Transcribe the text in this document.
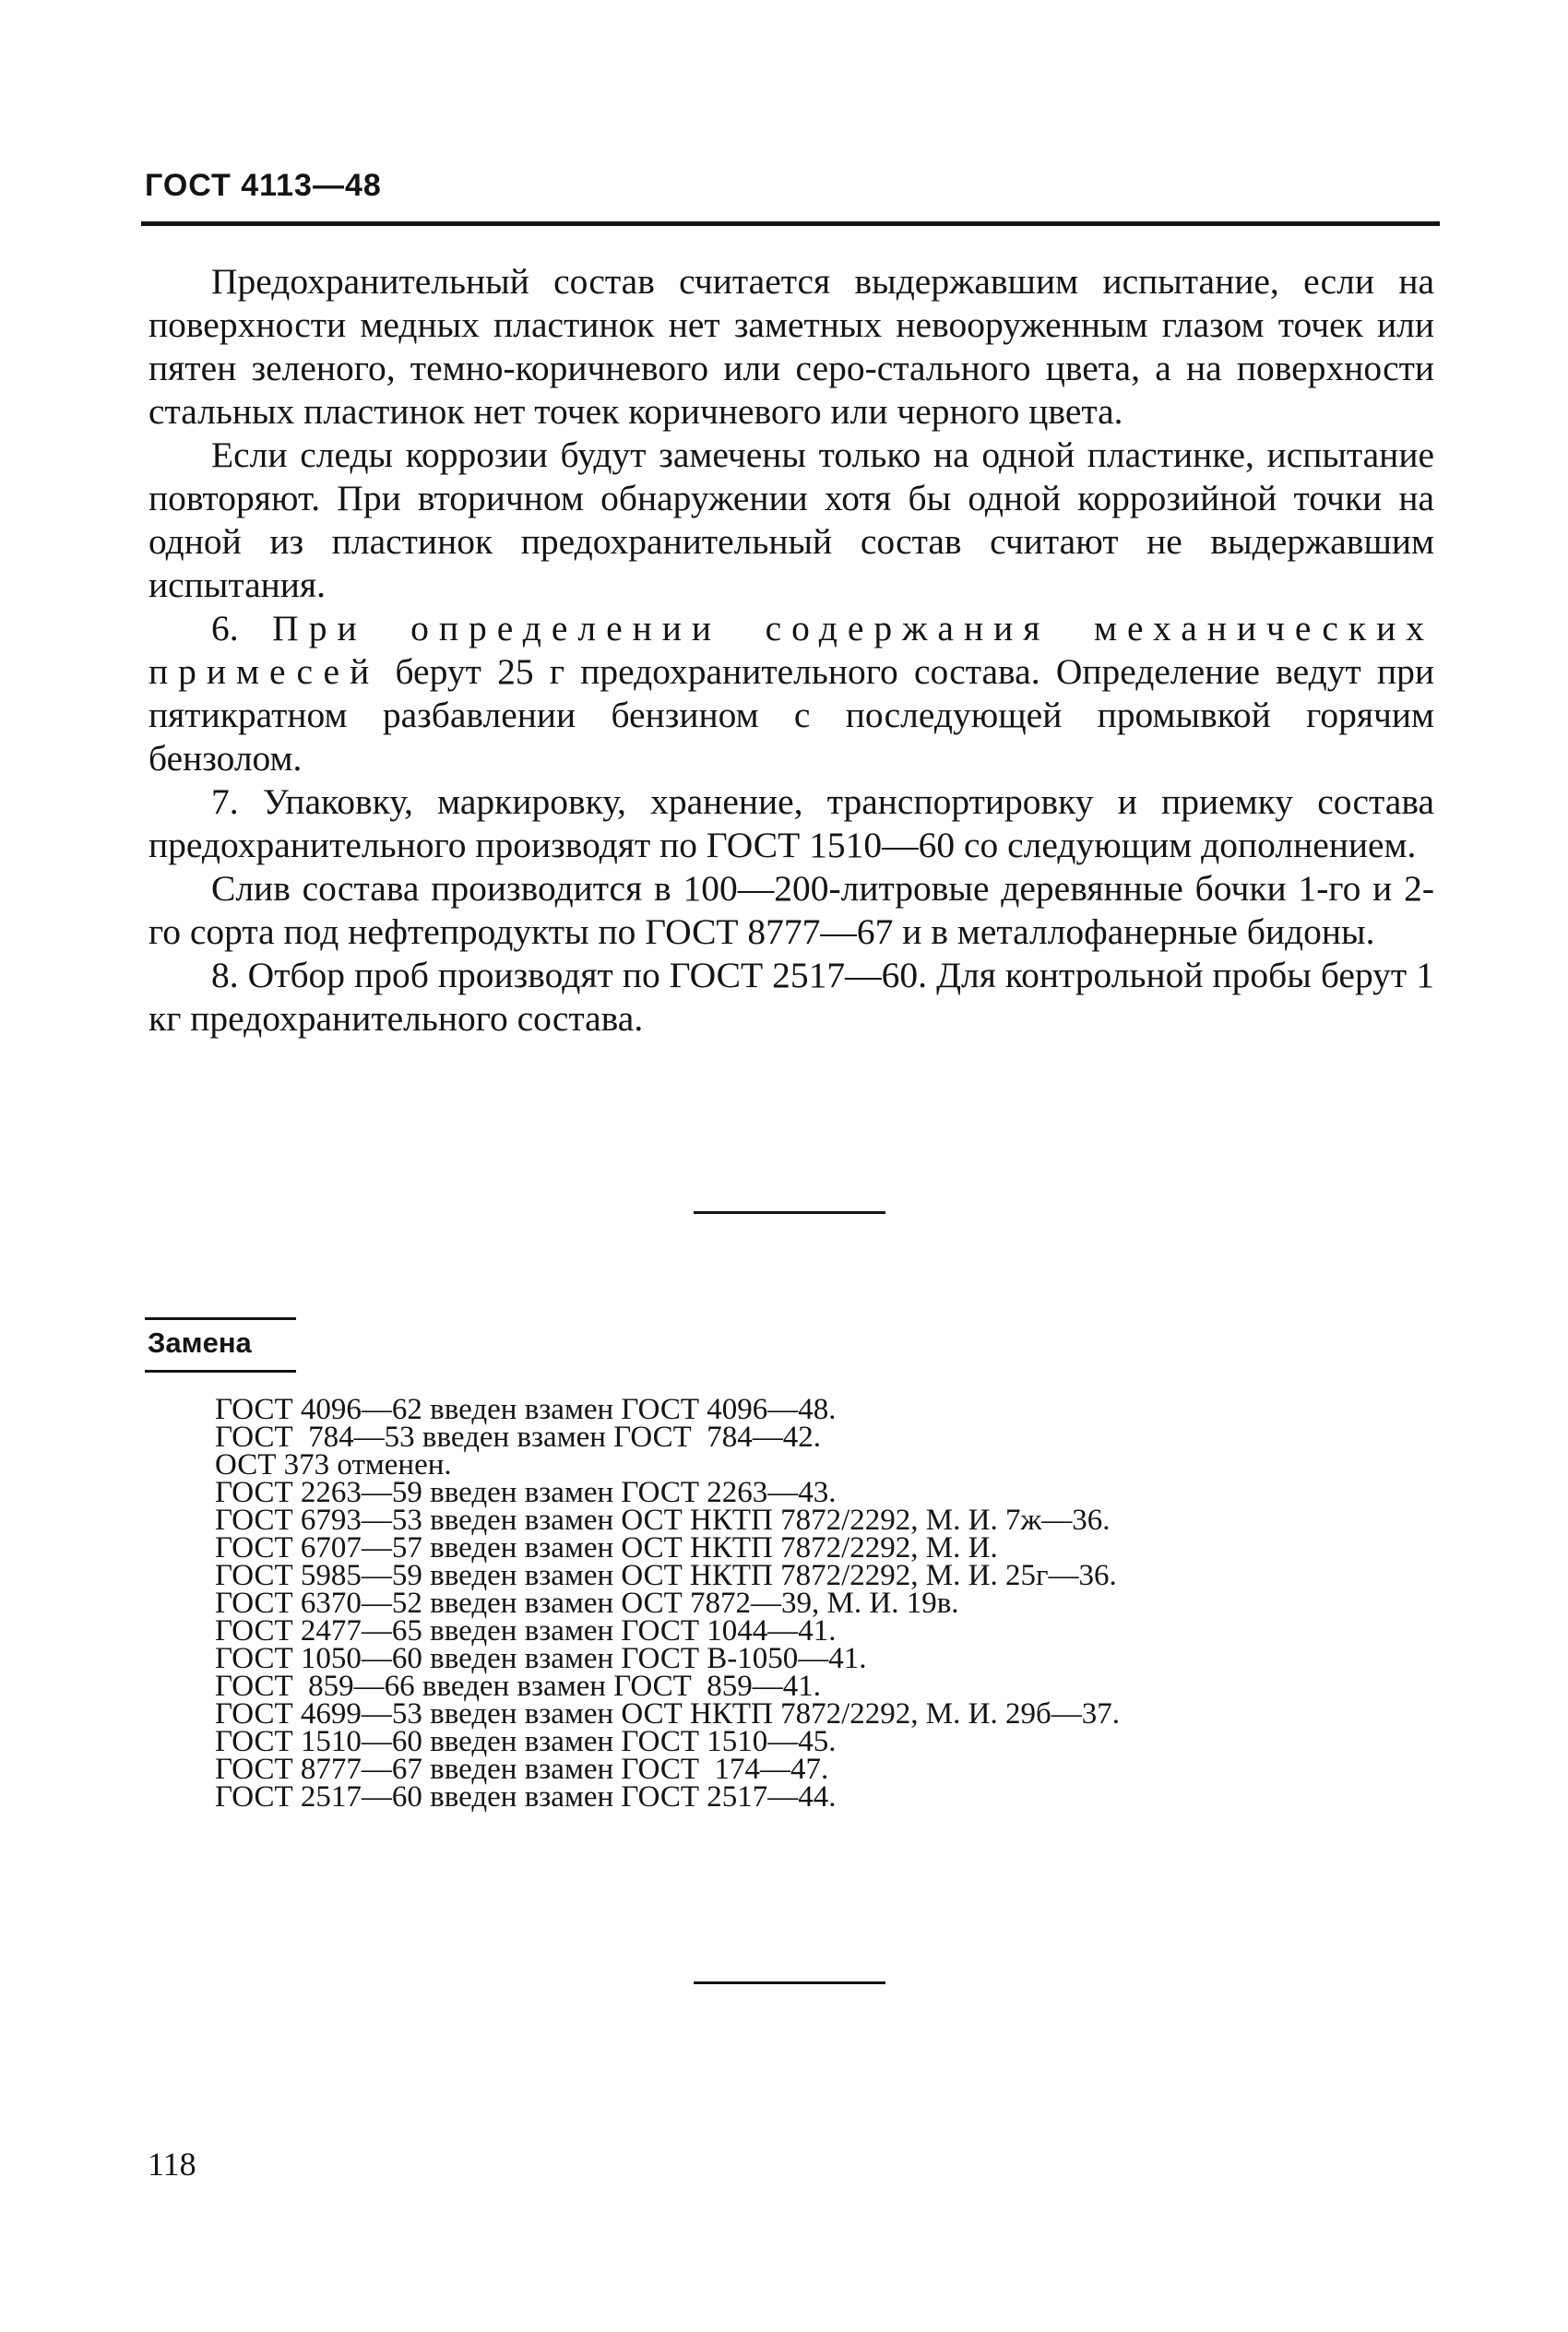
ГОСТ 4113—48

Предохранительный состав считается выдержавшим испытание, если на поверхности медных пластинок нет заметных невооруженным глазом точек или пятен зеленого, темно-коричневого или серо-стального цвета, а на поверхности стальных пластинок нет точек коричневого или черного цвета.

Если следы коррозии будут замечены только на одной пластинке, испытание повторяют. При вторичном обнаружении хотя бы одной коррозийной точки на одной из пластинок предохранительный состав считают не выдержавшим испытания.

6. При определении содержания механических примесей берут 25 г предохранительного состава. Определение ведут при пятикратном разбавлении бензином с последующей промывкой горячим бензолом.

7. Упаковку, маркировку, хранение, транспортировку и приемку состава предохранительного производят по ГОСТ 1510—60 со следующим дополнением.

Слив состава производится в 100—200-литровые деревянные бочки 1-го и 2-го сорта под нефтепродукты по ГОСТ 8777—67 и в металлофанерные бидоны.

8. Отбор проб производят по ГОСТ 2517—60. Для контрольной пробы берут 1 кг предохранительного состава.

Замена
ГОСТ 4096—62 введен взамен ГОСТ 4096—48.
ГОСТ  784—53 введен взамен ГОСТ  784—42.
ОСТ 373 отменен.
ГОСТ 2263—59 введен взамен ГОСТ 2263—43.
ГОСТ 6793—53 введен взамен ОСТ НКТП 7872/2292, М. И. 7ж—36.
ГОСТ 6707—57 введен взамен ОСТ НКТП 7872/2292, М. И.
ГОСТ 5985—59 введен взамен ОСТ НКТП 7872/2292, М. И. 25г—36.
ГОСТ 6370—52 введен взамен ОСТ 7872—39, М. И. 19в.
ГОСТ 2477—65 введен взамен ГОСТ 1044—41.
ГОСТ 1050—60 введен взамен ГОСТ В-1050—41.
ГОСТ  859—66 введен взамен ГОСТ  859—41.
ГОСТ 4699—53 введен взамен ОСТ НКТП 7872/2292, М. И. 29б—37.
ГОСТ 1510—60 введен взамен ГОСТ 1510—45.
ГОСТ 8777—67 введен взамен ГОСТ  174—47.
ГОСТ 2517—60 введен взамен ГОСТ 2517—44.
118
